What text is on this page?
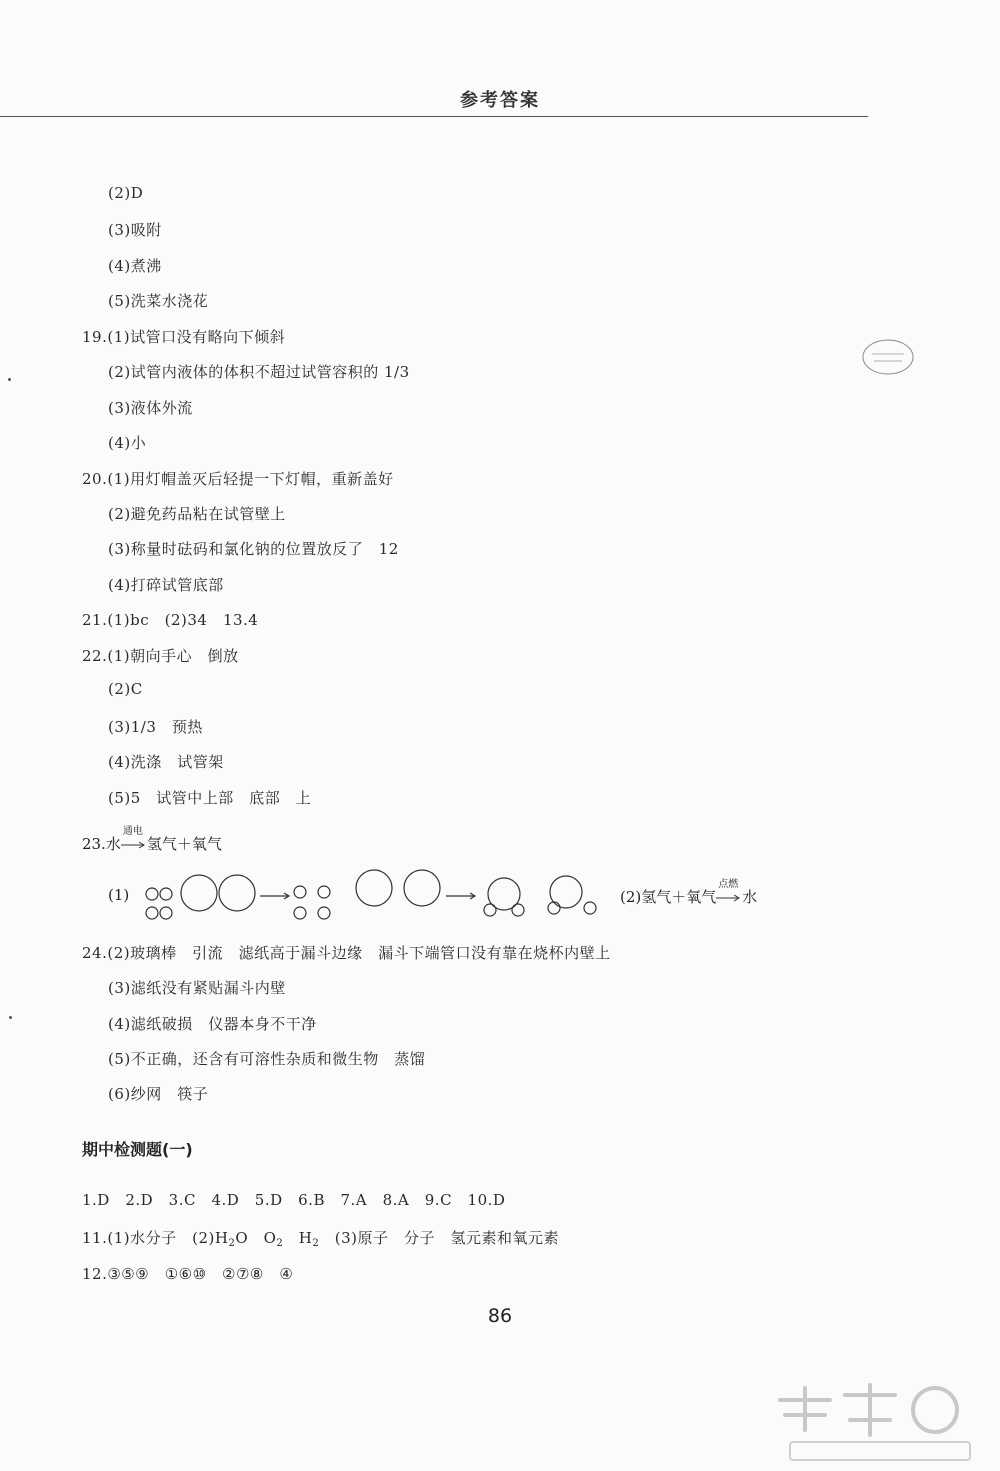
参考答案
(2)D
(3)吸附
(4)煮沸
(5)洗菜水浇花
19.(1)试管口没有略向下倾斜
(2)试管内液体的体积不超过试管容积的 1/3
(3)液体外流
(4)小
20.(1)用灯帽盖灭后轻提一下灯帽，重新盖好
(2)避免药品粘在试管壁上
(3)称量时砝码和氯化钠的位置放反了　12
(4)打碎试管底部
21.(1)bc　(2)34　13.4
22.(1)朝向手心　倒放
(2)C
(3)1/3　预热
(4)洗涤　试管架
(5)5　试管中上部　底部　上
23.水
通电
氢气＋氧气
(1)	(2)氢气＋氧气
点燃
水
24.(2)玻璃棒　引流　滤纸高于漏斗边缘　漏斗下端管口没有靠在烧杯内壁上
(3)滤纸没有紧贴漏斗内壁
(4)滤纸破损　仪器本身不干净
(5)不正确，还含有可溶性杂质和微生物　蒸馏
(6)纱网　筷子
期中检测题(一)
1.D　2.D　3.C　4.D　5.D　6.B　7.A　8.A　9.C　10.D
11.(1)水分子　$(2)H_2O$　$O_2$　$H_2$　(3)原子　分子　氢元素和氧元素
12.③⑤⑨　①⑥⑩　②⑦⑧　④
86
